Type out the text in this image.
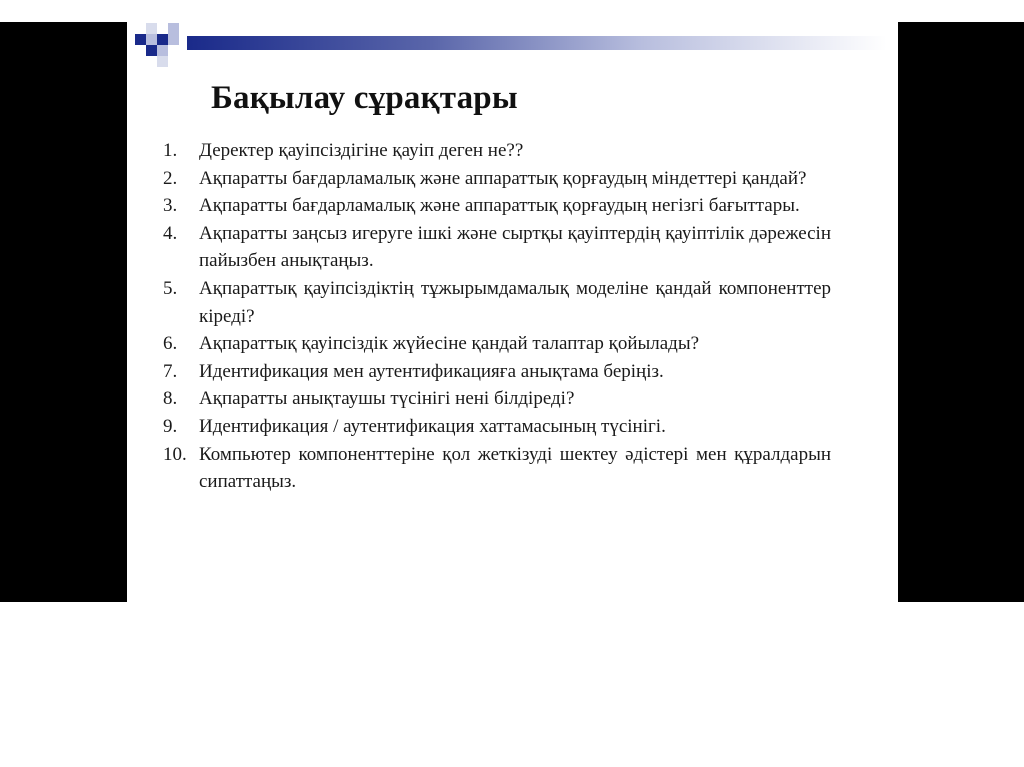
Бақылау сұрақтары
1. Деректер қауіпсіздігіне қауіп деген не??
2. Ақпаратты бағдарламалық және аппараттық қорғаудың міндеттері қандай?
3. Ақпаратты бағдарламалық және аппараттық қорғаудың негізгі бағыттары.
4. Ақпаратты заңсыз игеруге ішкі және сыртқы қауіптердің қауіптілік дәрежесін пайызбен анықтаңыз.
5. Ақпараттық қауіпсіздіктің тұжырымдамалық моделіне қандай компоненттер кіреді?
6. Ақпараттық қауіпсіздік жүйесіне қандай талаптар қойылады?
7. Идентификация мен аутентификацияға анықтама беріңіз.
8. Ақпаратты анықтаушы түсінігі нені білдіреді?
9. Идентификация / аутентификация хаттамасының түсінігі.
10. Компьютер компоненттеріне қол жеткізуді шектеу әдістері мен құралдарын сипаттаңыз.
